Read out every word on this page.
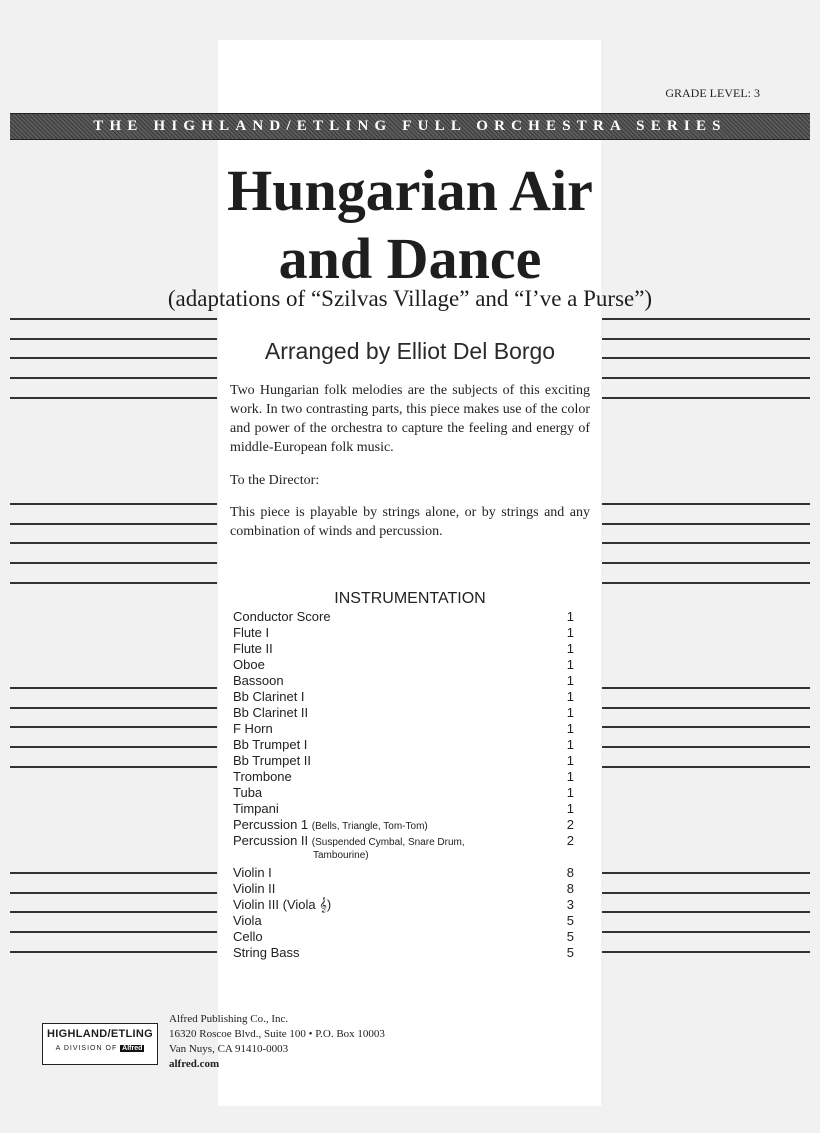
GRADE LEVEL: 3
THE HIGHLAND/ETLING FULL ORCHESTRA SERIES
Hungarian Air
and Dance
(adaptations of “Szilvas Village” and “I’ve a Purse”)
Arranged by Elliot Del Borgo
Two Hungarian folk melodies are the subjects of this exciting work. In two contrasting parts, this piece makes use of the color and power of the orchestra to capture the feeling and energy of middle-European folk music.
To the Director:
This piece is playable by strings alone, or by strings and any combination of winds and percussion.
INSTRUMENTATION
Conductor Score	1
Flute I	1
Flute II	1
Oboe	1
Bassoon	1
Bb Clarinet I	1
Bb Clarinet II	1
F Horn	1
Bb Trumpet I	1
Bb Trumpet II	1
Trombone	1
Tuba	1
Timpani	1
Percussion 1 (Bells, Triangle, Tom-Tom)	2
Percussion II (Suspended Cymbal, Snare Drum,	2
Tambourine)
Violin I	8
Violin II	8
Violin III (Viola 𝄞)	3
Viola	5
Cello	5
String Bass	5
HIGHLAND/ETLING
A DIVISION OF Alfred
Alfred Publishing Co., Inc.
16320 Roscoe Blvd., Suite 100 • P.O. Box 10003
Van Nuys, CA 91410-0003
alfred.com
